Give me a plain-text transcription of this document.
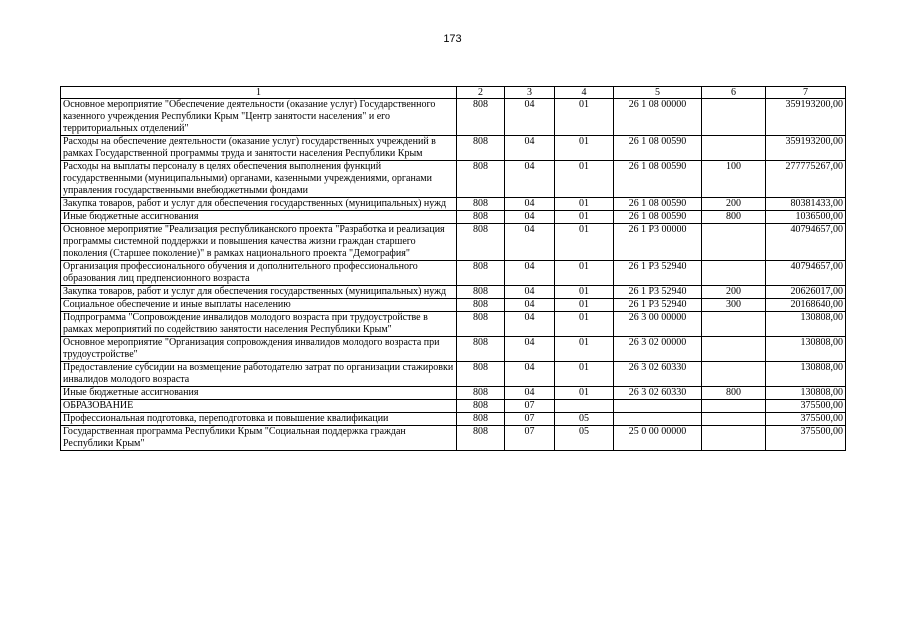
173
1	2	3	4	5	6	7
Основное мероприятие "Обеспечение деятельности (оказание услуг) Государственного казенного учреждения Республики Крым "Центр занятости населения" и его территориальных отделений"	808	04	01	26 1 08 00000		359193200,00
Расходы на обеспечение деятельности (оказание услуг) государственных учреждений в рамках Государственной программы труда и занятости населения Республики Крым	808	04	01	26 1 08 00590		359193200,00
Расходы на выплаты персоналу в целях обеспечения выполнения функций государственными (муниципальными) органами, казенными учреждениями, органами управления государственными внебюджетными фондами	808	04	01	26 1 08 00590	100	277775267,00
Закупка товаров, работ и услуг для обеспечения государственных (муниципальных) нужд	808	04	01	26 1 08 00590	200	80381433,00
Иные бюджетные ассигнования	808	04	01	26 1 08 00590	800	1036500,00
Основное мероприятие "Реализация республиканского проекта "Разработка и реализация программы системной поддержки и повышения качества жизни граждан старшего поколения (Старшее поколение)" в рамках национального проекта "Демография"	808	04	01	26 1 P3 00000		40794657,00
Организация профессионального обучения и дополнительного профессионального образования лиц предпенсионного возраста	808	04	01	26 1 P3 52940		40794657,00
Закупка товаров, работ и услуг для обеспечения государственных (муниципальных) нужд	808	04	01	26 1 P3 52940	200	20626017,00
Социальное обеспечение и иные выплаты населению	808	04	01	26 1 P3 52940	300	20168640,00
Подпрограмма "Сопровождение инвалидов молодого возраста при трудоустройстве в рамках мероприятий по содействию занятости населения Республики Крым"	808	04	01	26 3 00 00000		130808,00
Основное мероприятие "Организация сопровождения инвалидов молодого возраста при трудоустройстве"	808	04	01	26 3 02 00000		130808,00
Предоставление субсидии на возмещение работодателю затрат по организации стажировки инвалидов молодого возраста	808	04	01	26 3 02 60330		130808,00
Иные бюджетные ассигнования	808	04	01	26 3 02 60330	800	130808,00
ОБРАЗОВАНИЕ	808	07				375500,00
Профессиональная подготовка, переподготовка и повышение квалификации	808	07	05			375500,00
Государственная программа Республики Крым "Социальная поддержка граждан Республики Крым"	808	07	05	25 0 00 00000		375500,00
